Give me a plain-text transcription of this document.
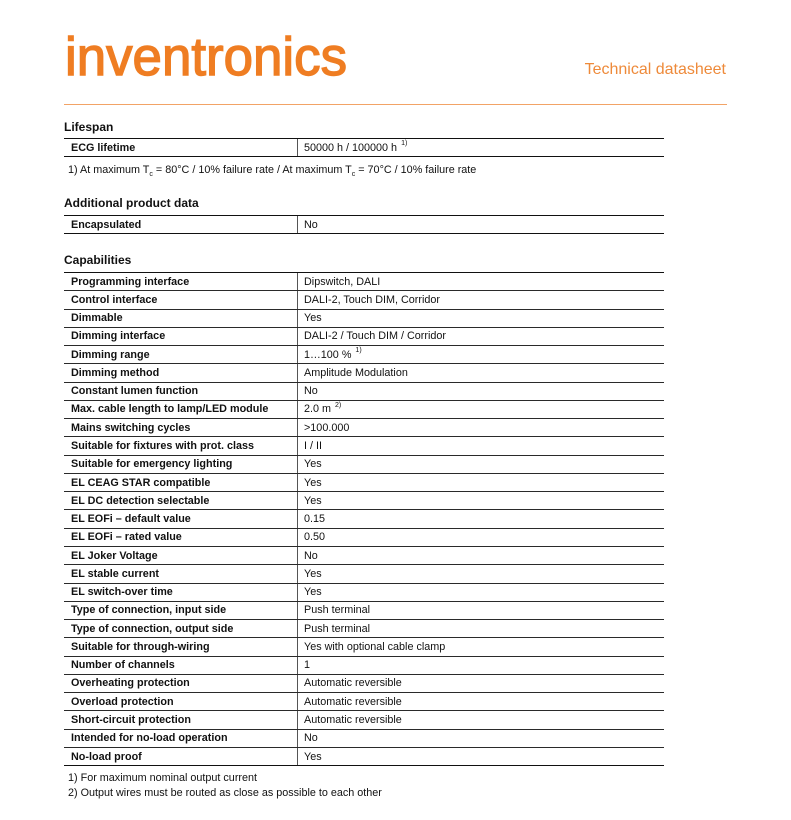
inventronics	Technical datasheet
Lifespan
ECG lifetime	50000 h / 100000 h 1)
1) At maximum $T_c = 80^\circ C / 10\%$ failure rate / At maximum $T_c = 70^\circ C / 10\%$ failure rate
Additional product data
Encapsulated	No
Capabilities
Programming interface	Dipswitch, DALI
Control interface	DALI-2, Touch DIM, Corridor
Dimmable	Yes
Dimming interface	DALI-2 / Touch DIM / Corridor
Dimming range	1…100 % 1)
Dimming method	Amplitude Modulation
Constant lumen function	No
Max. cable length to lamp/LED module	2.0 m 2)
Mains switching cycles	>100.000
Suitable for fixtures with prot. class	I / II
Suitable for emergency lighting	Yes
EL CEAG STAR compatible	Yes
EL DC detection selectable	Yes
EL EOFi – default value	0.15
EL EOFi – rated value	0.50
EL Joker Voltage	No
EL stable current	Yes
EL switch-over time	Yes
Type of connection, input side	Push terminal
Type of connection, output side	Push terminal
Suitable for through-wiring	Yes with optional cable clamp
Number of channels	1
Overheating protection	Automatic reversible
Overload protection	Automatic reversible
Short-circuit protection	Automatic reversible
Intended for no-load operation	No
No-load proof	Yes
1) For maximum nominal output current
2) Output wires must be routed as close as possible to each other
